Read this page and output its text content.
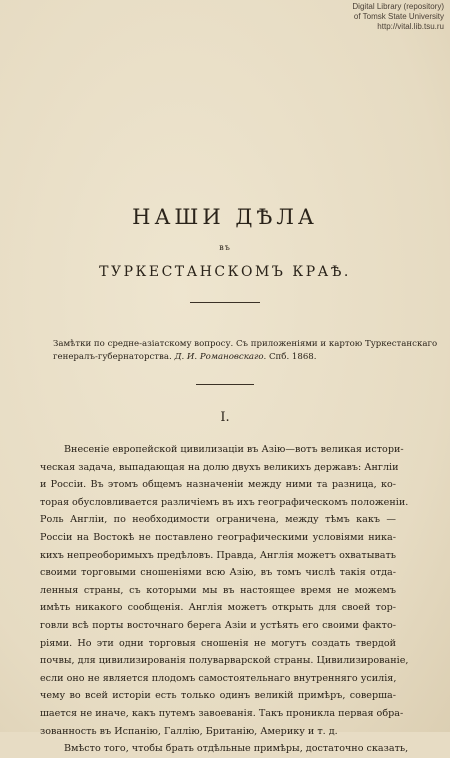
Digital Library (repository)
of Tomsk State University
http://vital.lib.tsu.ru
НАШИ ДѢЛА
въ
ТУРКЕСТАНСКОМЪ КРАѢ.
Замѣтки по средне-азіатскому вопросу. Съ приложеніями и картою Туркестанскаго
генералъ-губернаторства. Д. И. Романовскаго. Спб. 1868.
I.
Внесеніе европейской цивилизаціи въ Азію—вотъ великая истори-
ческая задача, выпадающая на долю двухъ великихъ державъ: Англіи
и Россіи. Въ этомъ общемъ назначеніи между ними та разница, ко-
торая обусловливается различіемъ въ ихъ географическомъ положеніи.
Роль Англіи, по необходимости ограничена, между тѣмъ какъ —
Россіи на Востокѣ не поставлено географическими условіями ника-
кихъ непреоборимыхъ предѣловъ. Правда, Англія можетъ охватывать
своими торговыми сношеніями всю Азію, въ томъ числѣ такія отда-
ленныя страны, съ которыми мы въ настоящее время не можемъ
имѣть никакого сообщенія. Англія можетъ открыть для своей тор-
говли всѣ порты восточнаго берега Азіи и устѣять его своими факто-
ріями. Но эти одни торговыя сношенія не могутъ создать твердой
почвы, для цивилизированія полуварварской страны. Цивилизированіе,
если оно не является плодомъ самостоятельнаго внутренняго усилія,
чему во всей исторіи есть только одинъ великій примѣръ, соверша-
шается не иначе, какъ путемъ завоеванія. Такъ проникла первая обра-
зованность въ Испанію, Галлію, Британію, Америку и т. д.
Вмѣсто того, чтобы брать отдѣльные примѣры, достаточно сказать,
